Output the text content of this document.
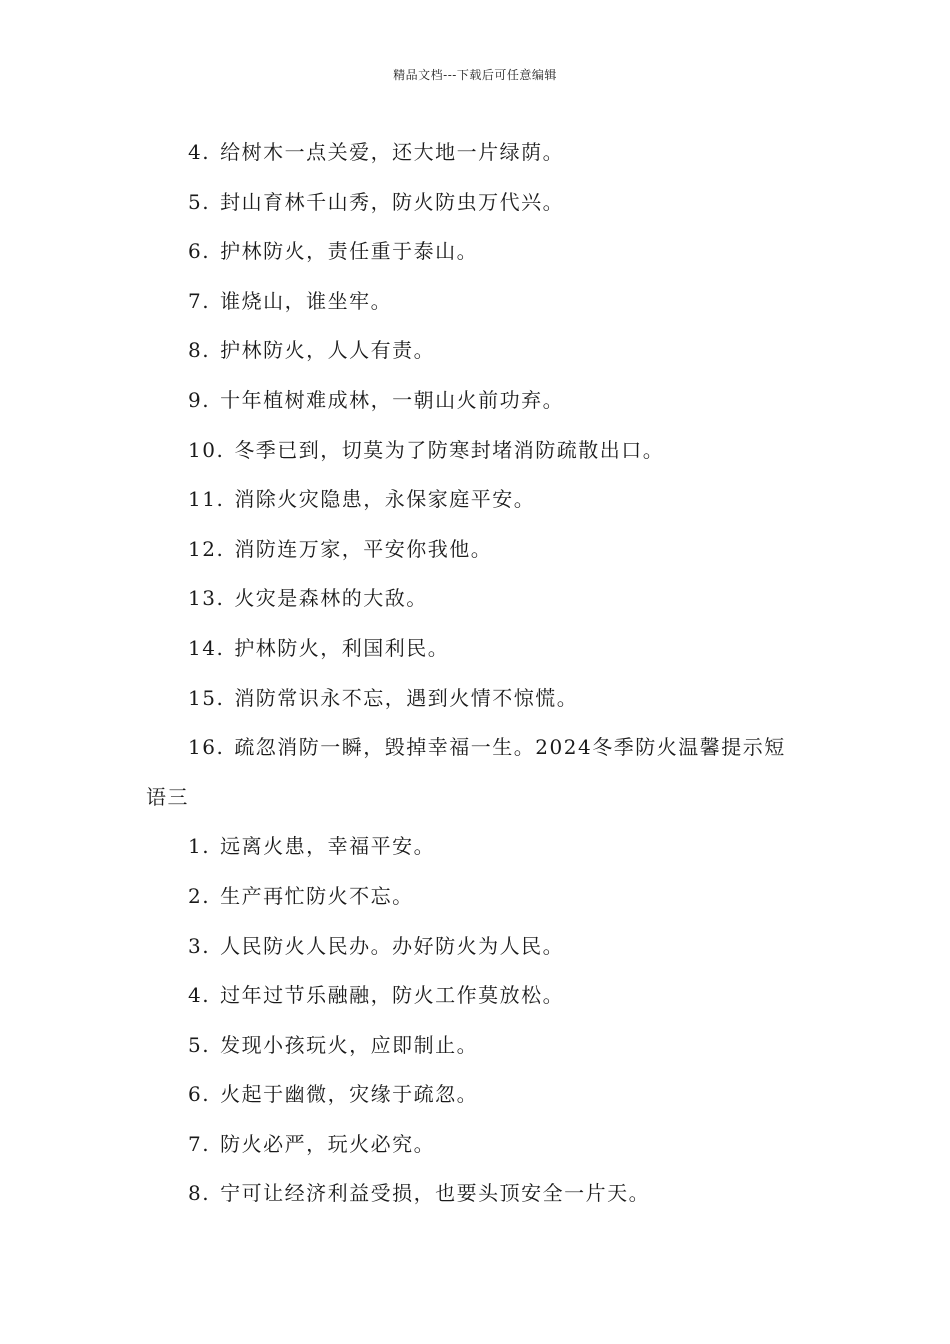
精品文档---下载后可任意编辑
4. 给树木一点关爱，还大地一片绿荫。
5. 封山育林千山秀，防火防虫万代兴。
6. 护林防火，责任重于泰山。
7. 谁烧山，谁坐牢。
8. 护林防火，人人有责。
9. 十年植树难成林，一朝山火前功弃。
10. 冬季已到，切莫为了防寒封堵消防疏散出口。
11. 消除火灾隐患，永保家庭平安。
12. 消防连万家，平安你我他。
13. 火灾是森林的大敌。
14. 护林防火，利国利民。
15. 消防常识永不忘，遇到火情不惊慌。
16. 疏忽消防一瞬，毁掉幸福一生。2024冬季防火温馨提示短
语三
1. 远离火患，幸福平安。
2. 生产再忙防火不忘。
3. 人民防火人民办。办好防火为人民。
4. 过年过节乐融融，防火工作莫放松。
5. 发现小孩玩火，应即制止。
6. 火起于幽微，灾缘于疏忽。
7. 防火必严，玩火必究。
8. 宁可让经济利益受损，也要头顶安全一片天。
